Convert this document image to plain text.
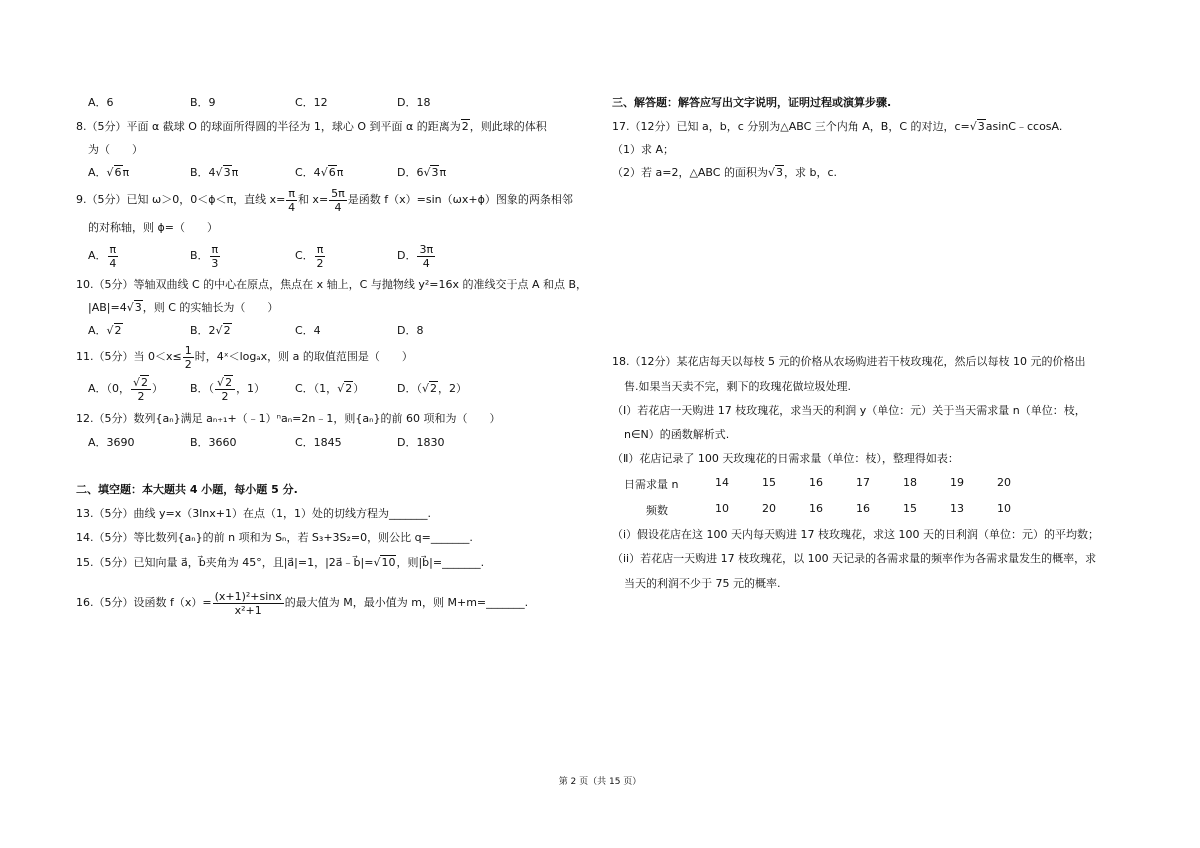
A．6	B．9	C．12	D．18
8.（5分）平面 α 截球 O 的球面所得圆的半径为 1，球心 O 到平面 α 的距离为2，则此球的体积
为（　　）
A．√6π	B．4√3π	C．4√6π	D．6√3π
9.（5分）已知 ω＞0，0＜ϕ＜π，直线 $x= \frac{\pi}{4}$ 和 $x= \frac{5\pi}{4}$ 是函数 f（x）=sin（ωx+ϕ）图象的两条相邻
的对称轴，则 ϕ=（　　）
A． $\frac{\pi}{4}$	B． $\frac{\pi}{3}$	C． $\frac{\pi}{2}$	D． $\frac{3\pi}{4}$
10.（5分）等轴双曲线 C 的中心在原点，焦点在 x 轴上，C 与抛物线 y²=16x 的准线交于点 A 和点 B，
|AB|=4√3，则 C 的实轴长为（　　）
A．√2	B．2√2	C．4	D．8
11.（5分）当 $0<x\le \frac{1}{2}$ 时，4ˣ＜logₐx，则 a 的取值范围是（　　）
A．（0， $\frac{√2}{2}$ ） B．（ $\frac{√2}{2}$ ，1）	C．（1，√2）	D．（√2，2）
12.（5分）数列{aₙ}满足 aₙ₊₁+（﹣1）ⁿaₙ=2n﹣1，则{aₙ}的前 60 项和为（　　）
A．3690	B．3660	C．1845	D．1830
二、填空题：本大题共 4 小题，每小题 5 分.
13.（5分）曲线 y=x（3lnx+1）在点（1，1）处的切线方程为_______.
14.（5分）等比数列{aₙ}的前 n 项和为 Sₙ，若 S₃+3S₂=0，则公比 q=_______.
15.（5分）已知向量 a⃗，b⃗夹角为 45°，且|a⃗|=1，|2a⃗﹣b⃗|=√10，则|b⃗|=_______.
16.（5分）设函数 $f(x)= \frac{\text{(x+1)²+sinx}}{\text{x²+1}}$ 的最大值为 M，最小值为 m，则 M+m=_______.
三、解答题：解答应写出文字说明，证明过程或演算步骤.
17.（12分）已知 a，b，c 分别为△ABC 三个内角 A，B，C 的对边，c=√3asinC﹣ccosA.
（1）求 A；
（2）若 a=2，△ABC 的面积为√3，求 b，c.
18.（12分）某花店每天以每枝 5 元的价格从农场购进若干枝玫瑰花，然后以每枝 10 元的价格出
售.如果当天卖不完，剩下的玫瑰花做垃圾处理.
（Ⅰ）若花店一天购进 17 枝玫瑰花，求当天的利润 y（单位：元）关于当天需求量 n（单位：枝，
n∈N）的函数解析式.
（Ⅱ）花店记录了 100 天玫瑰花的日需求量（单位：枝），整理得如表：
日需求量 n	14	15	16	17	18	19	20
频数	10	20	16	16	15	13	10
（i）假设花店在这 100 天内每天购进 17 枝玫瑰花，求这 100 天的日利润（单位：元）的平均数；
（ii）若花店一天购进 17 枝玫瑰花，以 100 天记录的各需求量的频率作为各需求量发生的概率，求
当天的利润不少于 75 元的概率.
第 2 页（共 15 页）
